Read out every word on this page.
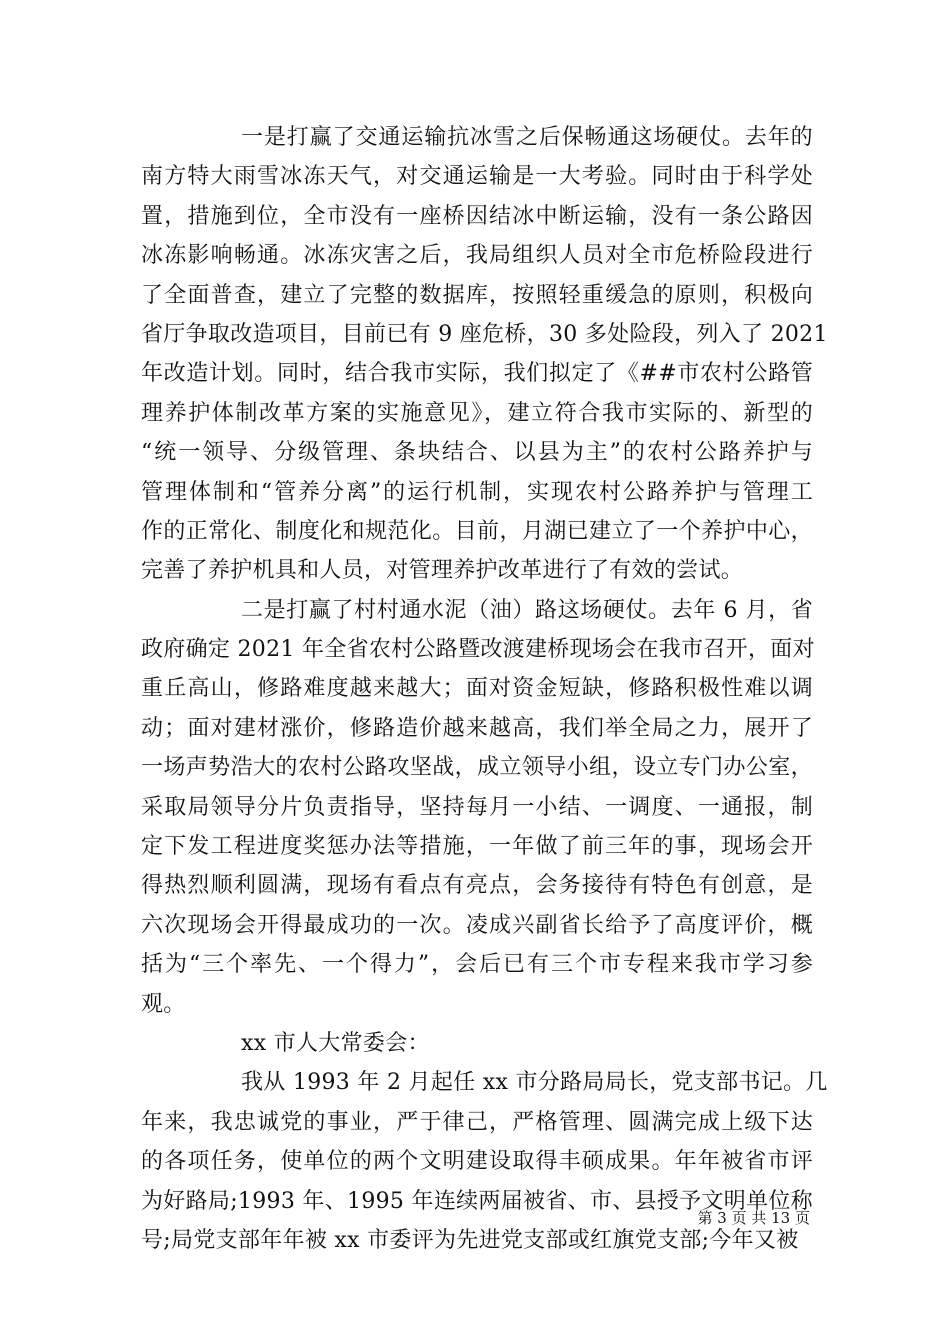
一是打赢了交通运输抗冰雪之后保畅通这场硬仗。去年的
南方特大雨雪冰冻天气，对交通运输是一大考验。同时由于科学处
置，措施到位，全市没有一座桥因结冰中断运输，没有一条公路因
冰冻影响畅通。冰冻灾害之后，我局组织人员对全市危桥险段进行
了全面普查，建立了完整的数据库，按照轻重缓急的原则，积极向
省厅争取改造项目，目前已有 9 座危桥，30 多处险段，列入了 2021
年改造计划。同时，结合我市实际，我们拟定了《##市农村公路管
理养护体制改革方案的实施意见》，建立符合我市实际的、新型的
“统一领导、分级管理、条块结合、以县为主”的农村公路养护与
管理体制和“管养分离”的运行机制，实现农村公路养护与管理工
作的正常化、制度化和规范化。目前，月湖已建立了一个养护中心，
完善了养护机具和人员，对管理养护改革进行了有效的尝试。
二是打赢了村村通水泥（油）路这场硬仗。去年 6 月，省
政府确定 2021 年全省农村公路暨改渡建桥现场会在我市召开，面对
重丘高山，修路难度越来越大；面对资金短缺，修路积极性难以调
动；面对建材涨价，修路造价越来越高，我们举全局之力，展开了
一场声势浩大的农村公路攻坚战，成立领导小组，设立专门办公室，
采取局领导分片负责指导，坚持每月一小结、一调度、一通报，制
定下发工程进度奖惩办法等措施，一年做了前三年的事，现场会开
得热烈顺利圆满，现场有看点有亮点，会务接待有特色有创意，是
六次现场会开得最成功的一次。凌成兴副省长给予了高度评价，概
括为“三个率先、一个得力”，会后已有三个市专程来我市学习参
观。
xx 市人大常委会：
我从 1993 年 2 月起任 xx 市分路局局长，党支部书记。几
年来，我忠诚党的事业，严于律己，严格管理、圆满完成上级下达
的各项任务，使单位的两个文明建设取得丰硕成果。年年被省市评
为好路局;1993 年、1995 年连续两届被省、市、县授予文明单位称
号;局党支部年年被 xx 市委评为先进党支部或红旗党支部;今年又被
第 3 页 共 13 页
